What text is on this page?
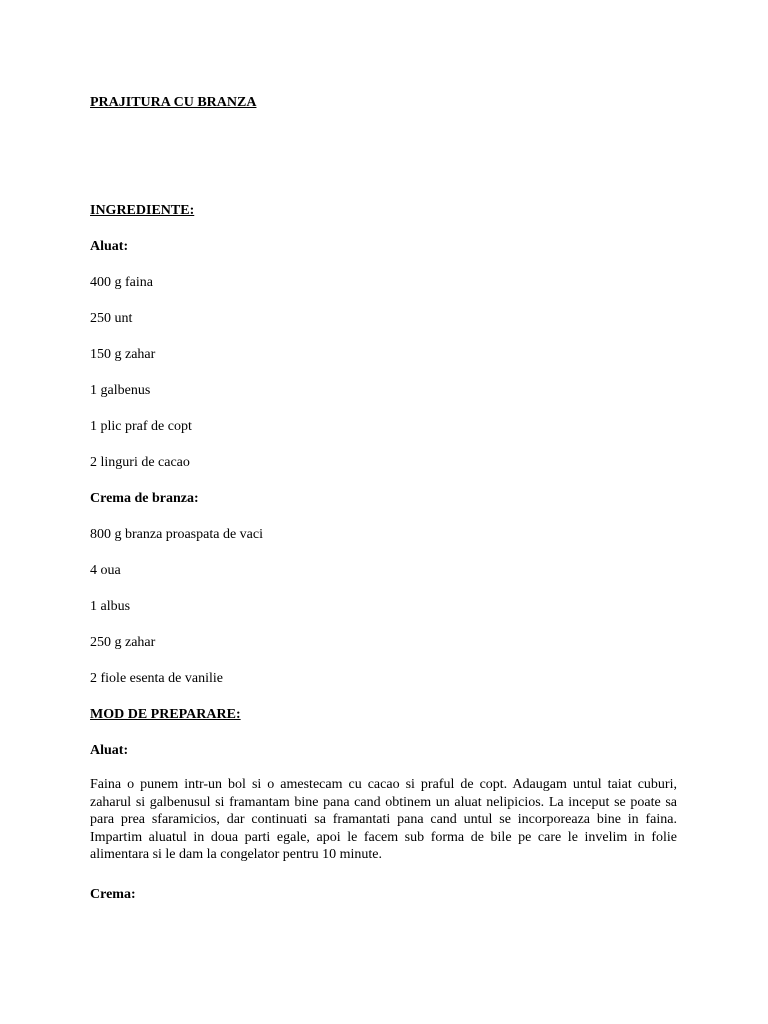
PRAJITURA CU BRANZA
INGREDIENTE:
Aluat:
400 g faina
250 unt
150 g zahar
1 galbenus
1 plic praf de copt
2 linguri de cacao
Crema de branza:
800 g branza proaspata de vaci
4 oua
1 albus
250 g zahar
2 fiole esenta de vanilie
MOD DE PREPARARE:
Aluat:
Faina o punem intr-un bol si o amestecam cu cacao si praful de copt. Adaugam untul taiat cuburi, zaharul si galbenusul si framantam bine pana cand obtinem un aluat nelipicios. La inceput se poate sa para prea sfaramicios, dar continuati sa framantati pana cand untul se incorporeaza bine in faina. Impartim aluatul in doua parti egale, apoi le facem sub forma de bile pe care le invelim in folie alimentara si le dam la congelator pentru 10 minute.
Crema:
